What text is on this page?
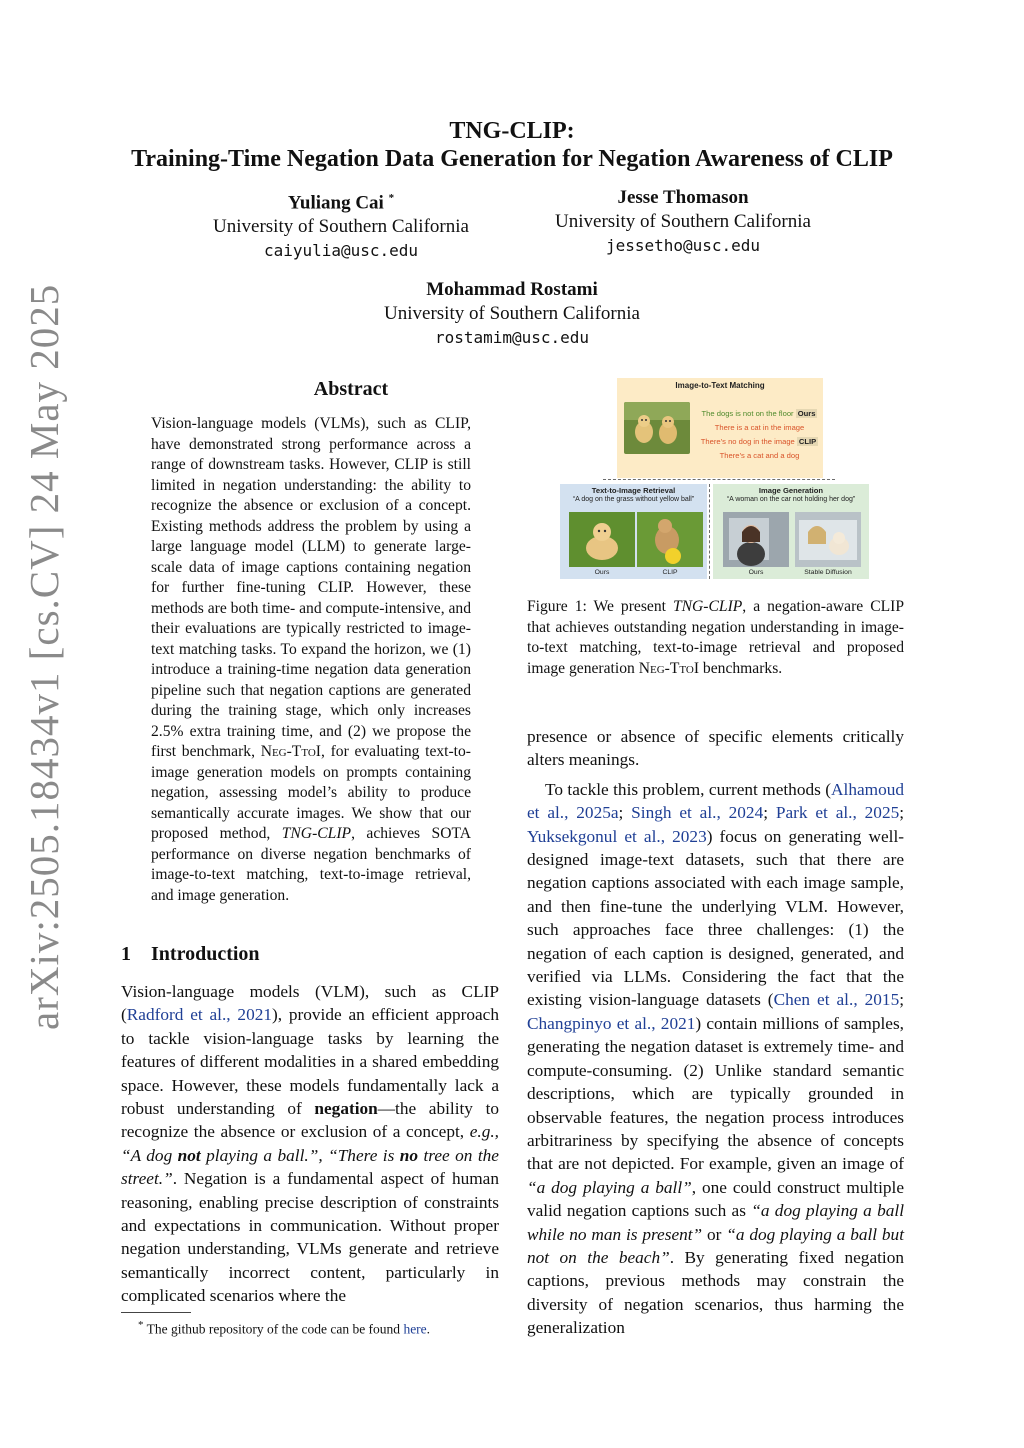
arXiv:2505.18434v1 [cs.CV] 24 May 2025
TNG-CLIP:
Training-Time Negation Data Generation for Negation Awareness of CLIP
Yuliang Cai *
University of Southern California
caiyulia@usc.edu
Jesse Thomason
University of Southern California
jessetho@usc.edu
Mohammad Rostami
University of Southern California
rostamim@usc.edu
Abstract
Vision-language models (VLMs), such as CLIP, have demonstrated strong performance across a range of downstream tasks. However, CLIP is still limited in negation understanding: the ability to recognize the absence or exclusion of a concept. Existing methods address the problem by using a large language model (LLM) to generate large-scale data of image captions containing negation for further fine-tuning CLIP. However, these methods are both time- and compute-intensive, and their evaluations are typically restricted to image-text matching tasks. To expand the horizon, we (1) introduce a training-time negation data generation pipeline such that negation captions are generated during the training stage, which only increases 2.5% extra training time, and (2) we propose the first benchmark, Neg-TtoI, for evaluating text-to-image generation models on prompts containing negation, assessing model’s ability to produce semantically accurate images. We show that our proposed method, TNG-CLIP, achieves SOTA performance on diverse negation benchmarks of image-to-text matching, text-to-image retrieval, and image generation.
1 Introduction
Vision-language models (VLM), such as CLIP (Radford et al., 2021), provide an efficient approach to tackle vision-language tasks by learning the features of different modalities in a shared embedding space. However, these models fundamentally lack a robust understanding of negation—the ability to recognize the absence or exclusion of a concept, e.g., “A dog not playing a ball.”, “There is no tree on the street.”. Negation is a fundamental aspect of human reasoning, enabling precise description of constraints and expectations in communication. Without proper negation understanding, VLMs generate and retrieve semantically incorrect content, particularly in complicated scenarios where the
* The github repository of the code can be found here.
Image-to-Text Matching
The dogs is not on the floor Ours
There is a cat in the image
There’s no dog in the image CLIP
There’s a cat and a dog
Text-to-Image Retrieval
“A dog on the grass without yellow ball”
Ours	CLIP
Image Generation
“A woman on the car not holding her dog”
Ours	Stable Diffusion
Figure 1: We present TNG-CLIP, a negation-aware CLIP that achieves outstanding negation understanding in image-to-text matching, text-to-image retrieval and proposed image generation Neg-TtoI benchmarks.

presence or absence of specific elements critically alters meanings.

To tackle this problem, current methods (Alhamoud et al., 2025a; Singh et al., 2024; Park et al., 2025; Yuksekgonul et al., 2023) focus on generating well-designed image-text datasets, such that there are negation captions associated with each image sample, and then fine-tune the underlying VLM. However, such approaches face three challenges: (1) the negation of each caption is designed, generated, and verified via LLMs. Considering the fact that the existing vision-language datasets (Chen et al., 2015; Changpinyo et al., 2021) contain millions of samples, generating the negation dataset is extremely time- and compute-consuming. (2) Unlike standard semantic descriptions, which are typically grounded in observable features, the negation process introduces arbitrariness by specifying the absence of concepts that are not depicted. For example, given an image of “a dog playing a ball”, one could construct multiple valid negation captions such as “a dog playing a ball while no man is present” or “a dog playing a ball but not on the beach”. By generating fixed negation captions, previous methods may constrain the diversity of negation scenarios, thus harming the generalization
